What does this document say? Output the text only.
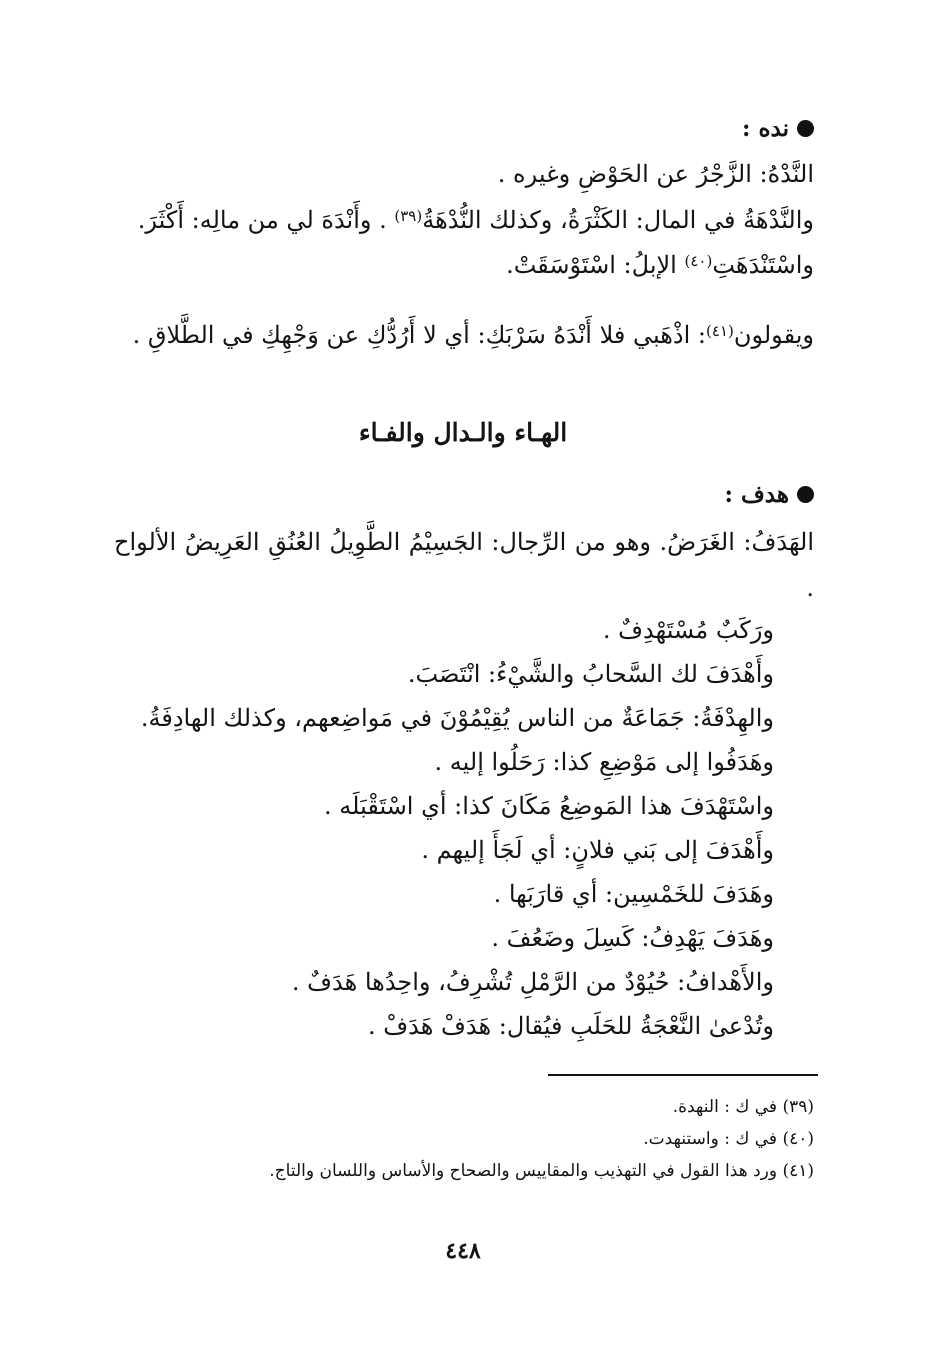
نده :
النَّدْهُ: الزَّجْرُ عن الحَوْضِ وغيره .
والنَّدْهَةُ في المال: الكَثْرَةُ، وكذلك النُّدْهَةُ$^{(٣٩)}$ . وأَنْدَهَ لي من مالِه: أَكْثَرَ.
واسْتَنْدَهَتِ$^{(٤٠)}$ الإبلُ: اسْتَوْسَقَتْ.
ويقولون$^{(٤١)}$: اذْهَبي فلا أَنْدَهُ سَرْبَكِ: أي لا أَرُدُّكِ عن وَجْهِكِ في الطَّلاقِ .
الهـاء والـدال والفـاء
هدف :
الهَدَفُ: الغَرَضُ. وهو من الرِّجال: الجَسِيْمُ الطَّوِيلُ العُنُقِ العَرِيضُ الألواح .
ورَكَبٌ مُسْتَهْدِفٌ .
وأَهْدَفَ لك السَّحابُ والشَّيْءُ: انْتَصَبَ.
والهِدْفَةُ: جَمَاعَةٌ من الناس يُقِيْمُوْنَ في مَواضِعهم، وكذلك الهادِفَةُ.
وهَدَفُوا إلى مَوْضِعِ كذا: رَحَلُوا إليه .
واسْتَهْدَفَ هذا المَوضِعُ مَكَانَ كذا: أي اسْتَقْبَلَه .
وأَهْدَفَ إلى بَني فلانٍ: أي لَجَأَ إليهم .
وهَدَفَ للخَمْسِين: أي قارَبَها .
وهَدَفَ يَهْدِفُ: كَسِلَ وضَعُفَ .
والأَهْدافُ: حُيُوْدٌ من الرَّمْلِ تُشْرِفُ، واحِدُها هَدَفٌ .
وتُدْعىٰ النَّعْجَةُ للحَلَبِ فيُقال: هَدَفْ هَدَفْ .
(٣٩) في ك : النهدة.
(٤٠) في ك : واستنهدت.
(٤١) ورد هذا القول في التهذيب والمقاييس والصحاح والأساس واللسان والتاج.
٤٤٨
